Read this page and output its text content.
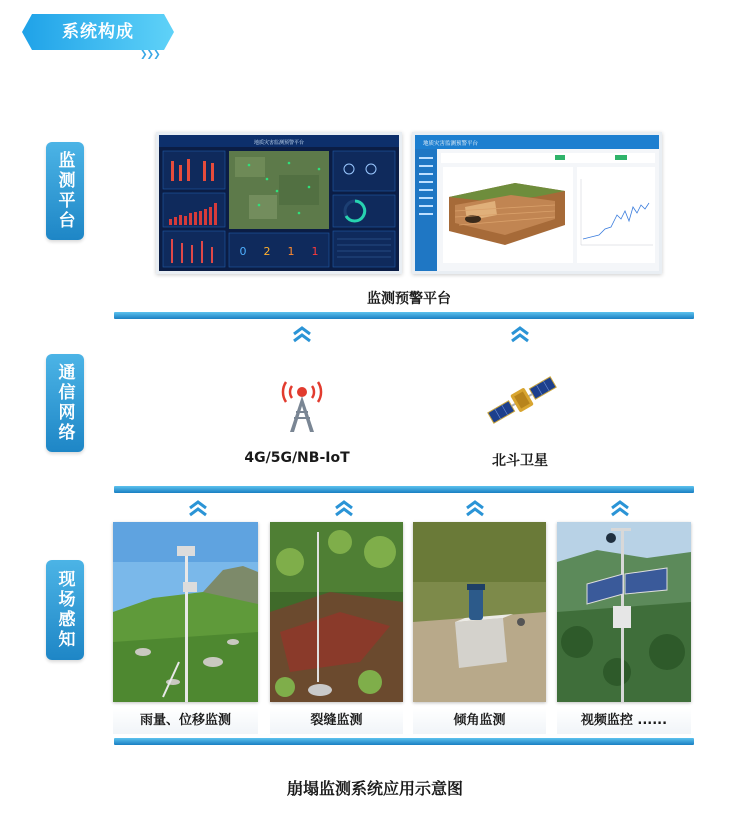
系统构成
❯❯❯
监测平台
通信网络
现场感知
地质灾害监测预警平台
0 2 1 1
地质灾害监测预警平台
监测预警平台
4G/5G/NB-IoT	北斗卫星
雨量、位移监测	裂缝监测	倾角监测	视频监控 ......
崩塌监测系统应用示意图
